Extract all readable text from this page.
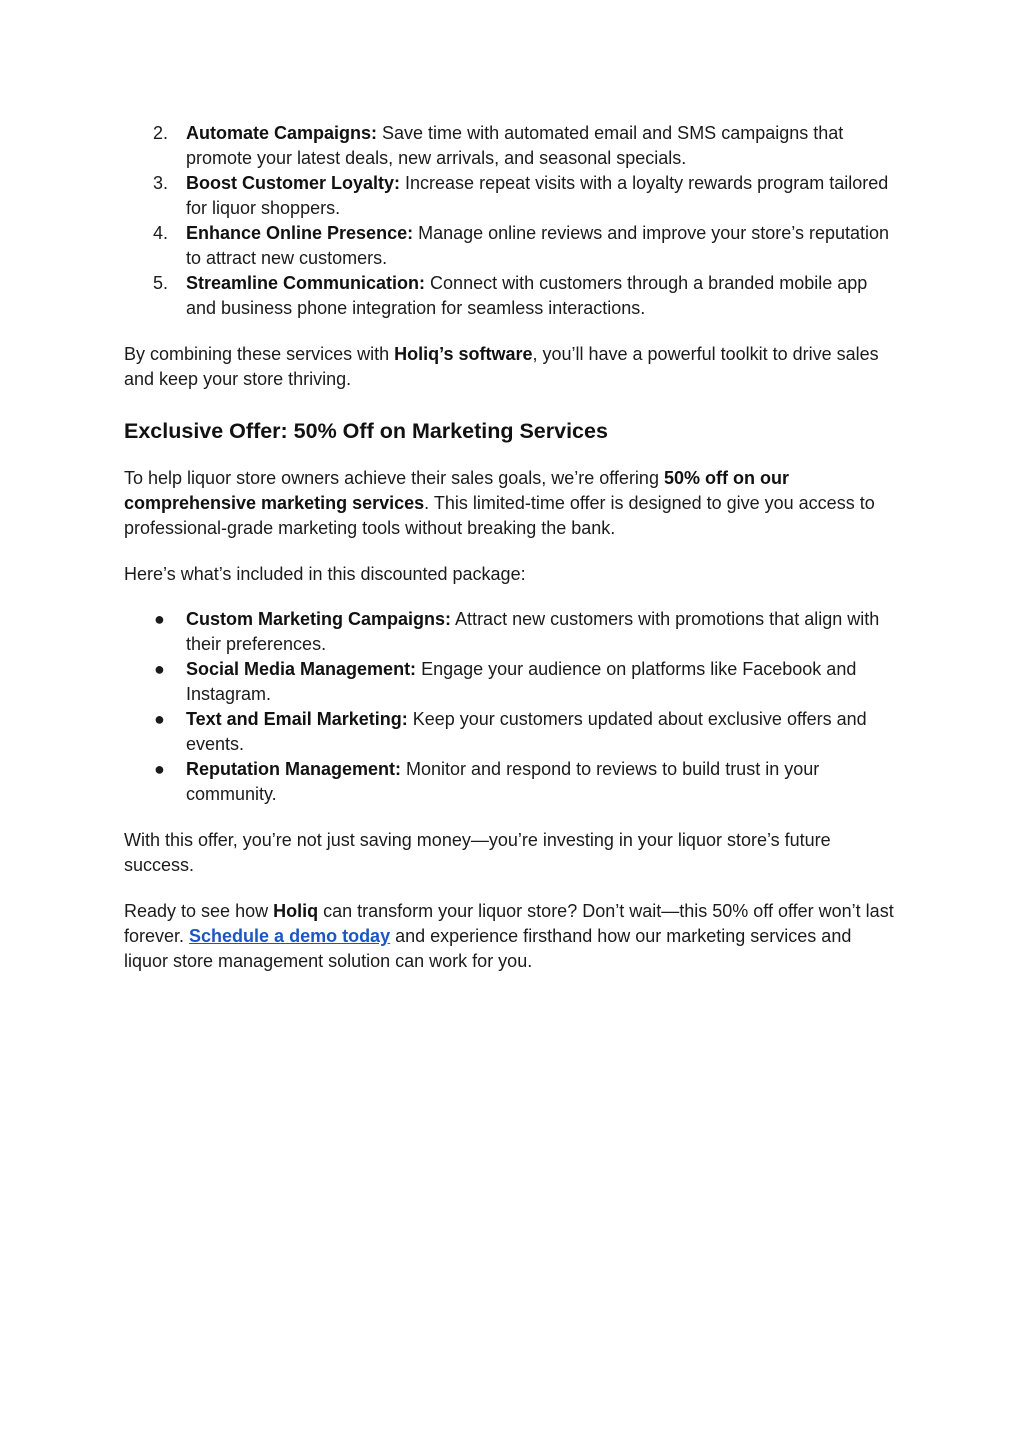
2. Automate Campaigns: Save time with automated email and SMS campaigns that promote your latest deals, new arrivals, and seasonal specials.
3. Boost Customer Loyalty: Increase repeat visits with a loyalty rewards program tailored for liquor shoppers.
4. Enhance Online Presence: Manage online reviews and improve your store’s reputation to attract new customers.
5. Streamline Communication: Connect with customers through a branded mobile app and business phone integration for seamless interactions.

By combining these services with Holiq’s software, you’ll have a powerful toolkit to drive sales and keep your store thriving.

Exclusive Offer: 50% Off on Marketing Services

To help liquor store owners achieve their sales goals, we’re offering 50% off on our comprehensive marketing services. This limited-time offer is designed to give you access to professional-grade marketing tools without breaking the bank.

Here’s what’s included in this discounted package:

●	Custom Marketing Campaigns: Attract new customers with promotions that align with their preferences.
●	Social Media Management: Engage your audience on platforms like Facebook and Instagram.
●	Text and Email Marketing: Keep your customers updated about exclusive offers and events.
●	Reputation Management: Monitor and respond to reviews to build trust in your community.

With this offer, you’re not just saving money—you’re investing in your liquor store’s future success.

Ready to see how Holiq can transform your liquor store? Don’t wait—this 50% off offer won’t last forever. Schedule a demo today and experience firsthand how our marketing services and liquor store management solution can work for you.
